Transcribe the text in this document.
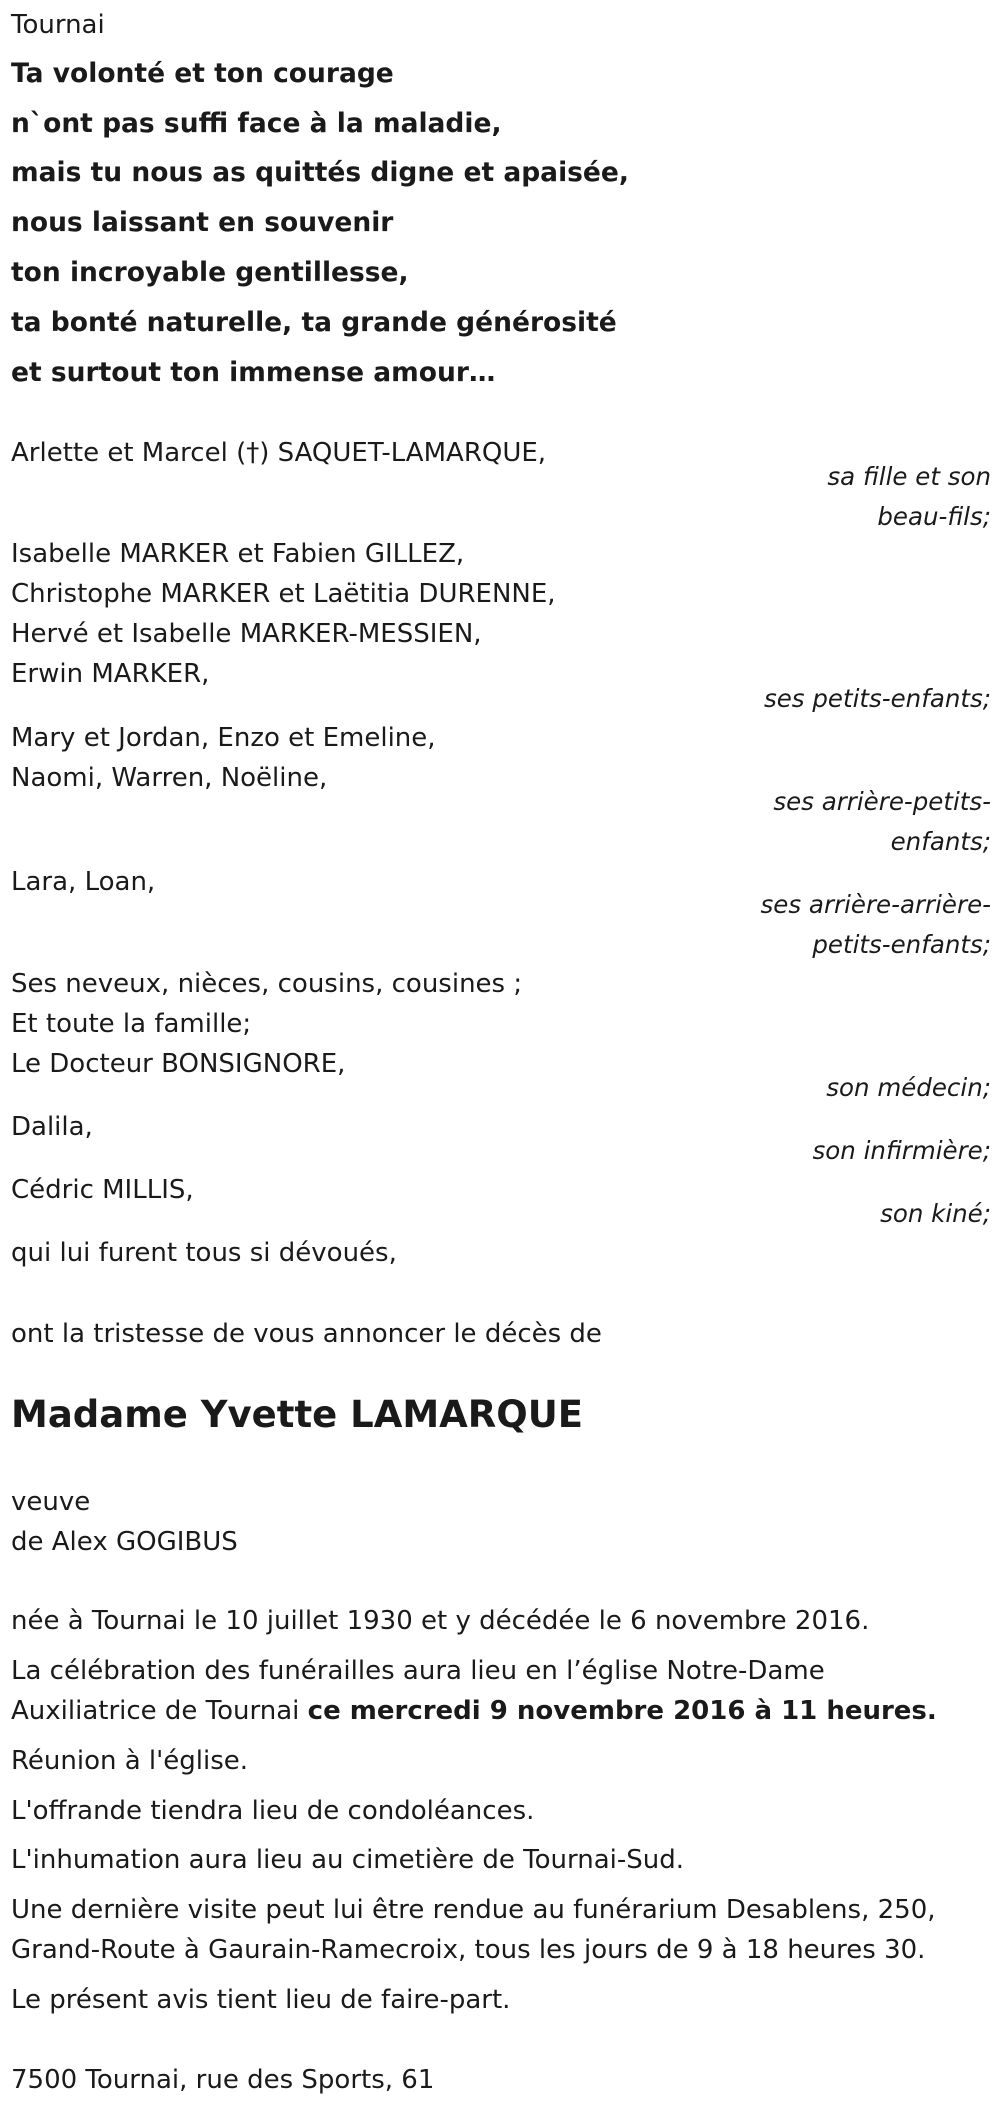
Tournai

Ta volonté et ton courage

n`ont pas suffi face à la maladie,

mais tu nous as quittés digne et apaisée,

nous laissant en souvenir

ton incroyable gentillesse,

ta bonté naturelle, ta grande générosité

et surtout ton immense amour…

Arlette et Marcel (†) SAQUET-LAMARQUE,

sa fille et son
beau-fils;

Isabelle MARKER et Fabien GILLEZ,

Christophe MARKER et Laëtitia DURENNE,

Hervé et Isabelle MARKER-MESSIEN,

Erwin MARKER,

ses petits-enfants;

Mary et Jordan, Enzo et Emeline,

Naomi, Warren, Noëline,

ses arrière-petits-
enfants;

Lara, Loan,

ses arrière-arrière-
petits-enfants;

Ses neveux, nièces, cousins, cousines ;

Et toute la famille;

Le Docteur BONSIGNORE,

son médecin;

Dalila,

son infirmière;

Cédric MILLIS,

son kiné;

qui lui furent tous si dévoués,

ont la tristesse de vous annoncer le décès de

Madame Yvette LAMARQUE

veuve

de Alex GOGIBUS

née à Tournai le 10 juillet 1930 et y décédée le 6 novembre 2016.

La célébration des funérailles aura lieu en l’église Notre-Dame

Auxiliatrice de Tournai ce mercredi 9 novembre 2016 à 11 heures.

Réunion à l'église.

L'offrande tiendra lieu de condoléances.

L'inhumation aura lieu au cimetière de Tournai-Sud.

Une dernière visite peut lui être rendue au funérarium Desablens, 250,

Grand-Route à Gaurain-Ramecroix, tous les jours de 9 à 18 heures 30.

Le présent avis tient lieu de faire-part.

7500 Tournai, rue des Sports, 61
